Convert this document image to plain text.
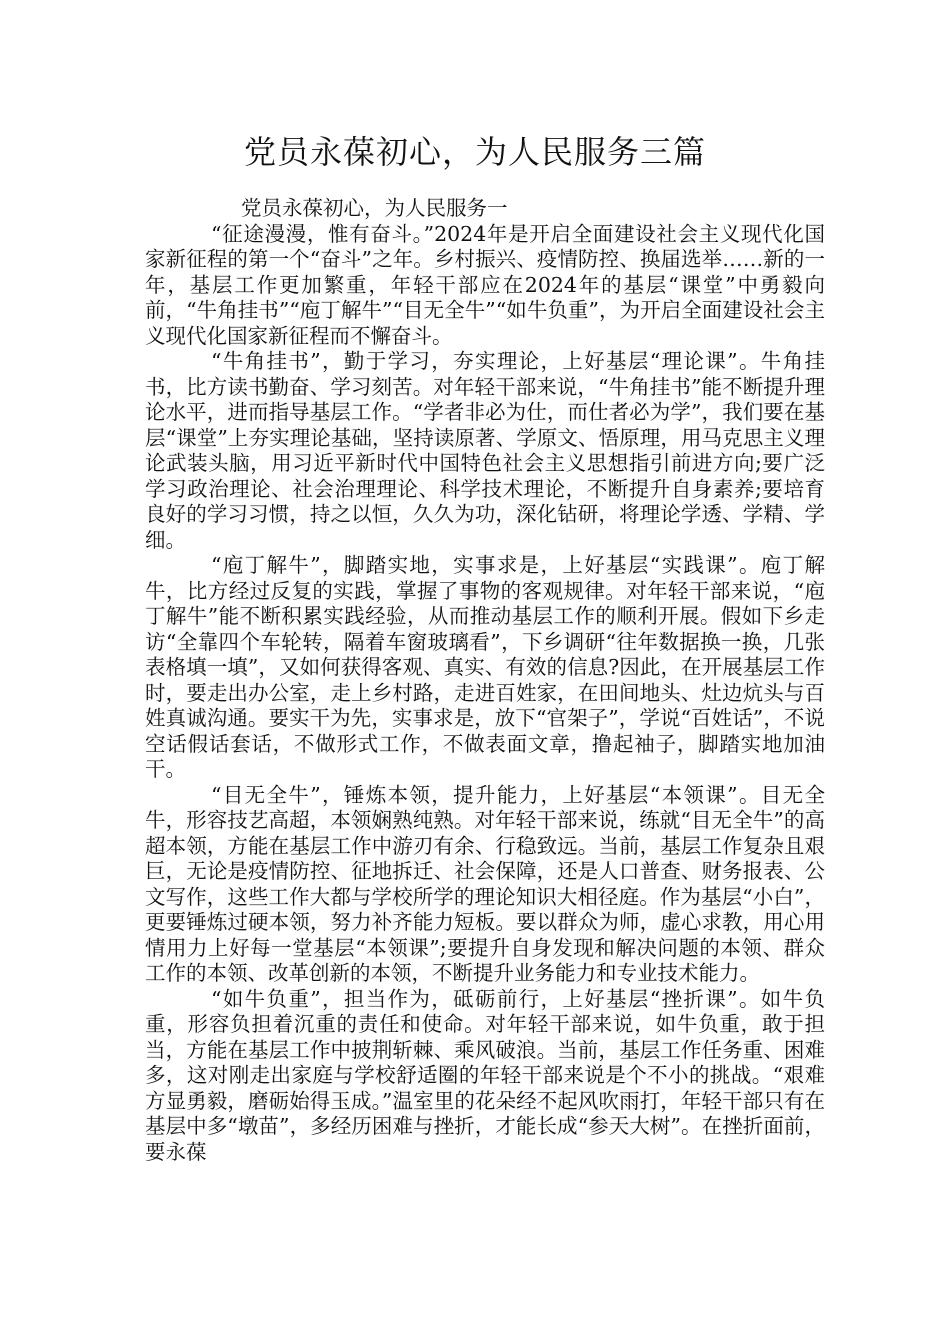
党员永葆初心，为人民服务三篇

党员永葆初心，为人民服务一

“征途漫漫，惟有奋斗。”2024年是开启全面建设社会主义现代化国家新征程的第一个“奋斗”之年。乡村振兴、疫情防控、换届选举……新的一年，基层工作更加繁重，年轻干部应在2024年的基层“课堂”中勇毅向前，“牛角挂书”“庖丁解牛”“目无全牛”“如牛负重”，为开启全面建设社会主义现代化国家新征程而不懈奋斗。

“牛角挂书”，勤于学习，夯实理论，上好基层“理论课”。牛角挂书，比方读书勤奋、学习刻苦。对年轻干部来说，“牛角挂书”能不断提升理论水平，进而指导基层工作。“学者非必为仕，而仕者必为学”，我们要在基层“课堂”上夯实理论基础，坚持读原著、学原文、悟原理，用马克思主义理论武装头脑，用习近平新时代中国特色社会主义思想指引前进方向;要广泛学习政治理论、社会治理理论、科学技术理论，不断提升自身素养;要培育良好的学习习惯，持之以恒，久久为功，深化钻研，将理论学透、学精、学细。

“庖丁解牛”，脚踏实地，实事求是，上好基层“实践课”。庖丁解牛，比方经过反复的实践，掌握了事物的客观规律。对年轻干部来说，“庖丁解牛”能不断积累实践经验，从而推动基层工作的顺利开展。假如下乡走访“全靠四个车轮转，隔着车窗玻璃看”，下乡调研“往年数据换一换，几张表格填一填”，又如何获得客观、真实、有效的信息?因此，在开展基层工作时，要走出办公室，走上乡村路，走进百姓家，在田间地头、灶边炕头与百姓真诚沟通。要实干为先，实事求是，放下“官架子”，学说“百姓话”，不说空话假话套话，不做形式工作，不做表面文章，撸起袖子，脚踏实地加油干。

“目无全牛”，锤炼本领，提升能力，上好基层“本领课”。目无全牛，形容技艺高超，本领娴熟纯熟。对年轻干部来说，练就“目无全牛”的高超本领，方能在基层工作中游刃有余、行稳致远。当前，基层工作复杂且艰巨，无论是疫情防控、征地拆迁、社会保障，还是人口普查、财务报表、公文写作，这些工作大都与学校所学的理论知识大相径庭。作为基层“小白”，更要锤炼过硬本领，努力补齐能力短板。要以群众为师，虚心求教，用心用情用力上好每一堂基层“本领课”;要提升自身发现和解决问题的本领、群众工作的本领、改革创新的本领，不断提升业务能力和专业技术能力。

“如牛负重”，担当作为，砥砺前行，上好基层“挫折课”。如牛负重，形容负担着沉重的责任和使命。对年轻干部来说，如牛负重，敢于担当，方能在基层工作中披荆斩棘、乘风破浪。当前，基层工作任务重、困难多，这对刚走出家庭与学校舒适圈的年轻干部来说是个不小的挑战。“艰难方显勇毅，磨砺始得玉成。”温室里的花朵经不起风吹雨打，年轻干部只有在基层中多“墩苗”，多经历困难与挫折，才能长成“参天大树”。在挫折面前，要永葆
